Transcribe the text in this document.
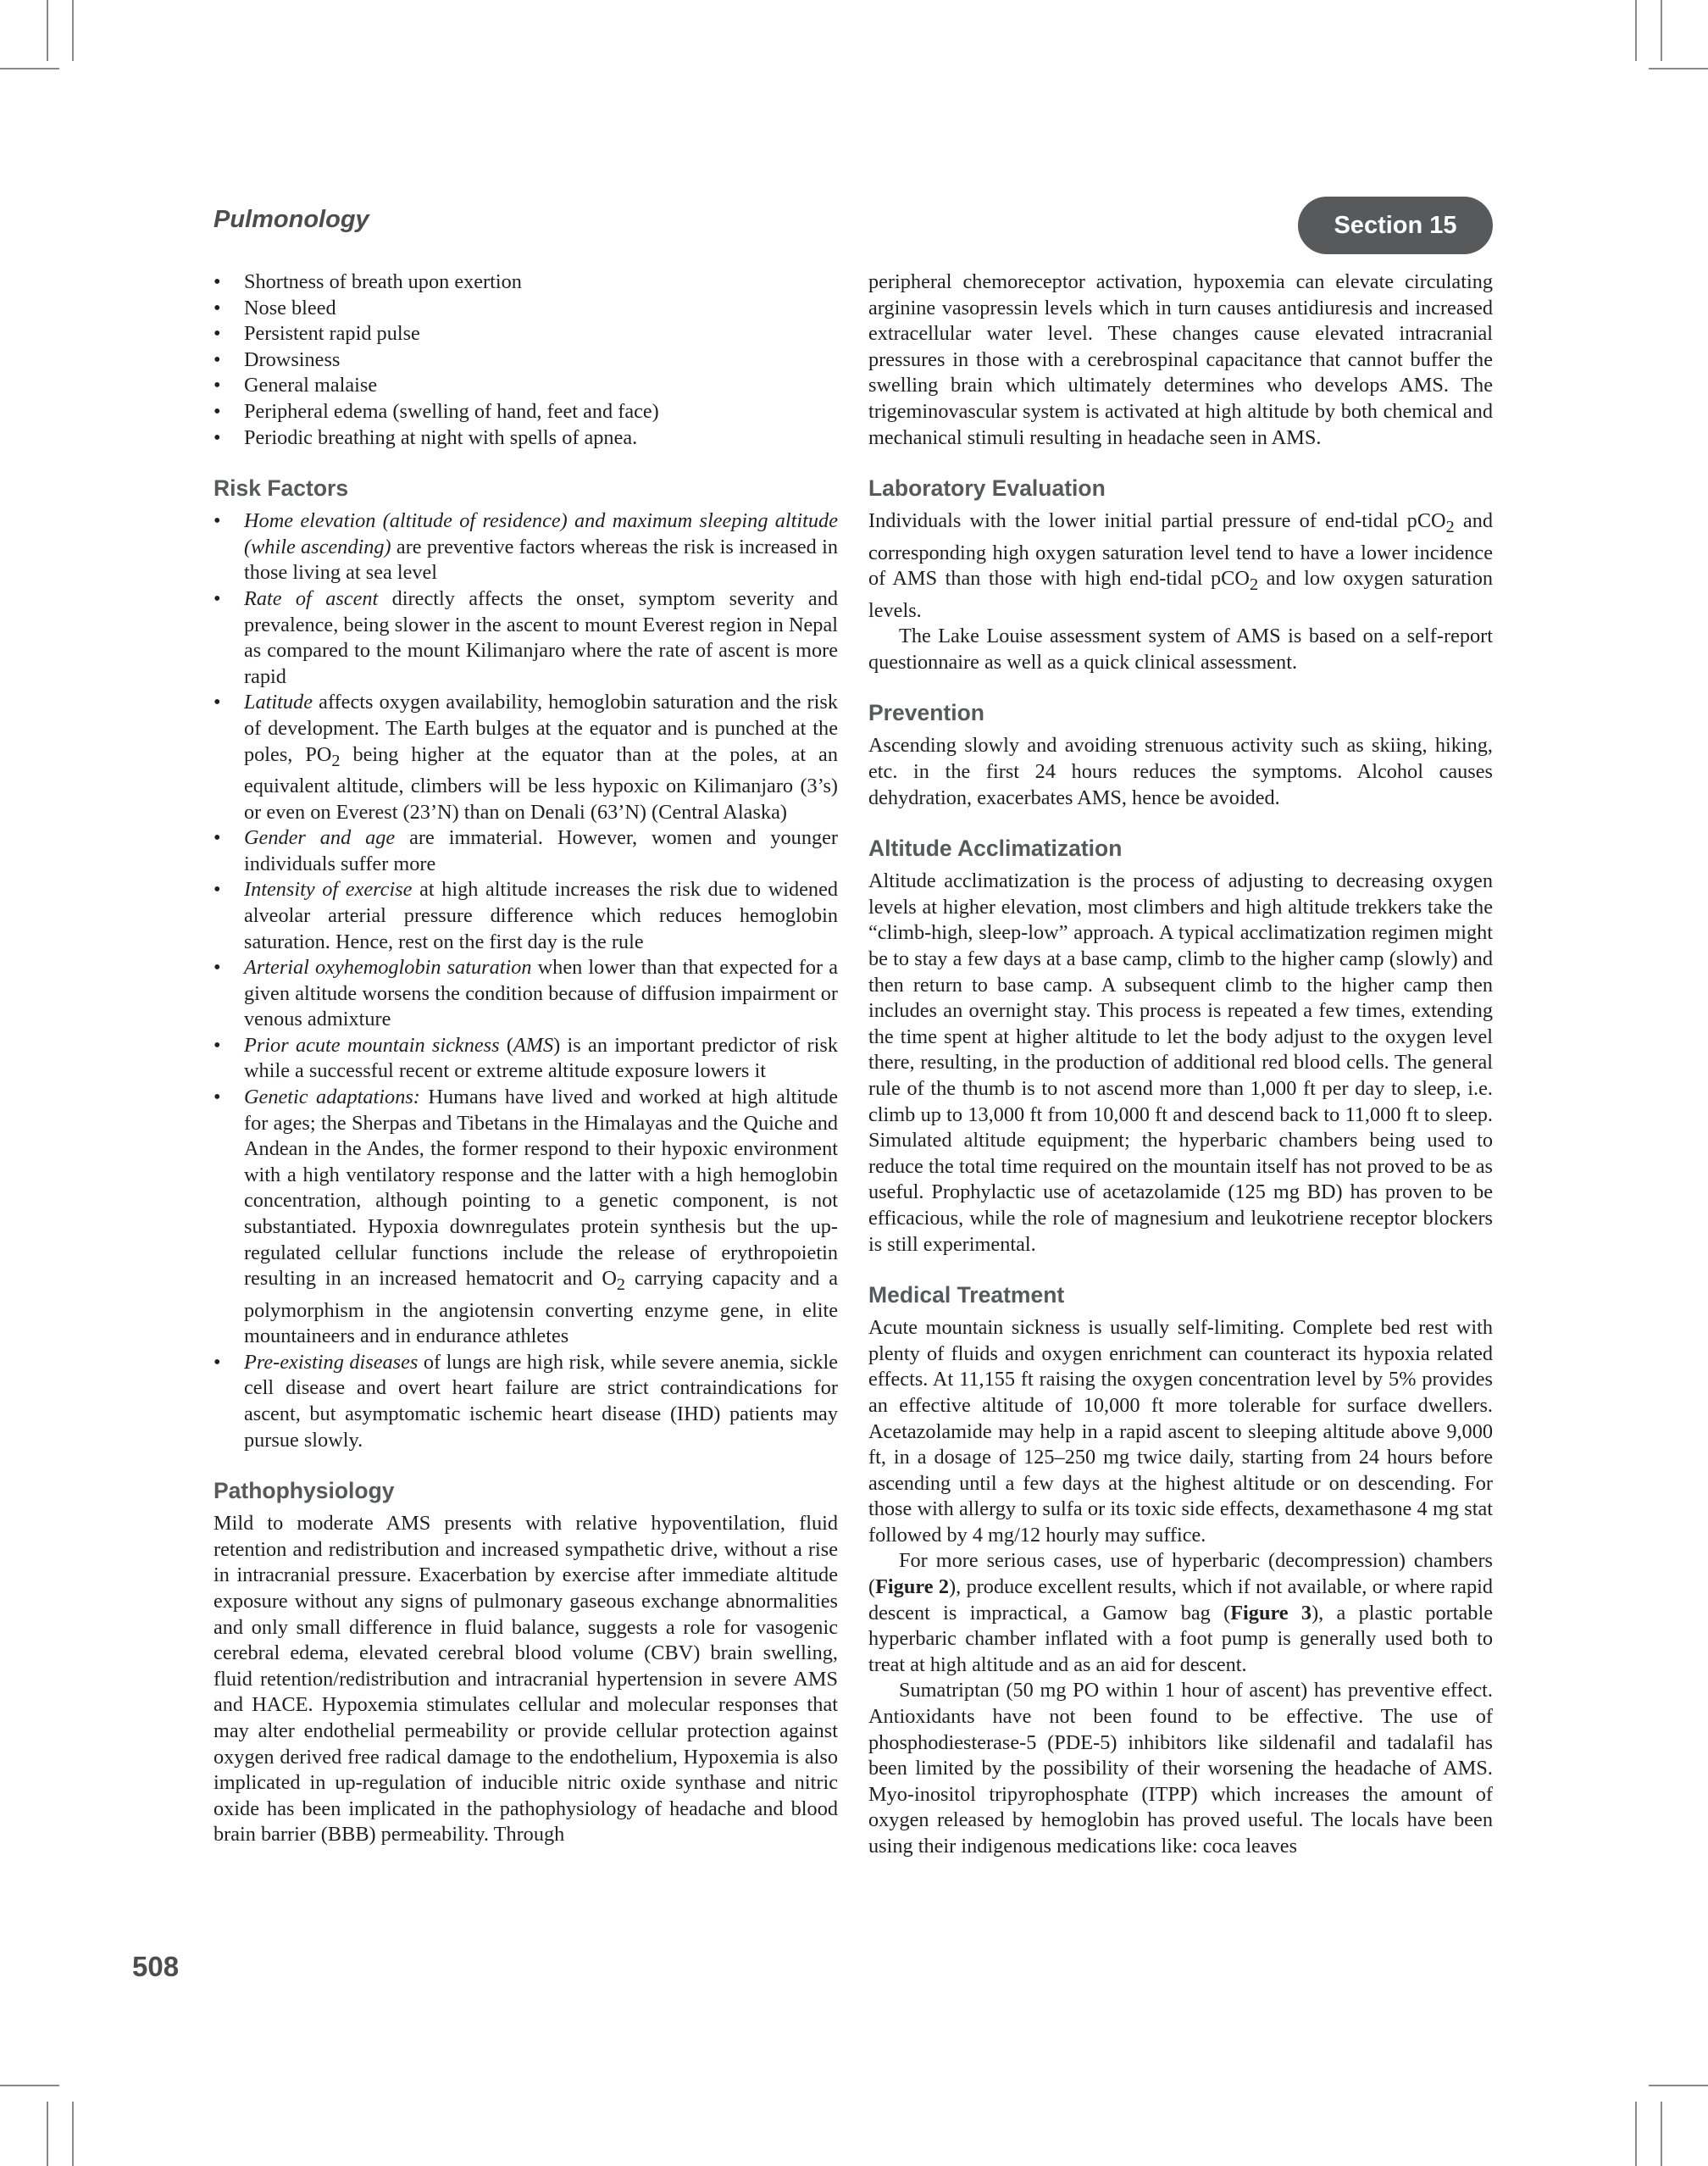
Pulmonology	Section 15
• Shortness of breath upon exertion
• Nose bleed
• Persistent rapid pulse
• Drowsiness
• General malaise
• Peripheral edema (swelling of hand, feet and face)
• Periodic breathing at night with spells of apnea.
Risk Factors
• Home elevation (altitude of residence) and maximum sleeping altitude (while ascending) are preventive factors whereas the risk is increased in those living at sea level
• Rate of ascent directly affects the onset, symptom severity and prevalence, being slower in the ascent to mount Everest region in Nepal as compared to the mount Kilimanjaro where the rate of ascent is more rapid
• Latitude affects oxygen availability, hemoglobin saturation and the risk of development. The Earth bulges at the equator and is punched at the poles, $PO_2$ being higher at the equator than at the poles, at an equivalent altitude, climbers will be less hypoxic on Kilimanjaro (3’s) or even on Everest (23’N) than on Denali (63’N) (Central Alaska)
• Gender and age are immaterial. However, women and younger individuals suffer more
• Intensity of exercise at high altitude increases the risk due to widened alveolar arterial pressure difference which reduces hemoglobin saturation. Hence, rest on the first day is the rule
• Arterial oxyhemoglobin saturation when lower than that expected for a given altitude worsens the condition because of diffusion impairment or venous admixture
• Prior acute mountain sickness (AMS) is an important predictor of risk while a successful recent or extreme altitude exposure lowers it
• Genetic adaptations: Humans have lived and worked at high altitude for ages; the Sherpas and Tibetans in the Himalayas and the Quiche and Andean in the Andes, the former respond to their hypoxic environment with a high ventilatory response and the latter with a high hemoglobin concentration, although pointing to a genetic component, is not substantiated. Hypoxia downregulates protein synthesis but the up-regulated cellular functions include the release of erythropoietin resulting in an increased hematocrit and $O_2$ carrying capacity and a polymorphism in the angiotensin converting enzyme gene, in elite mountaineers and in endurance athletes
• Pre-existing diseases of lungs are high risk, while severe anemia, sickle cell disease and overt heart failure are strict contraindications for ascent, but asymptomatic ischemic heart disease (IHD) patients may pursue slowly.
Pathophysiology

Mild to moderate AMS presents with relative hypoventilation, fluid retention and redistribution and increased sympathetic drive, without a rise in intracranial pressure. Exacerbation by exercise after immediate altitude exposure without any signs of pulmonary gaseous exchange abnormalities and only small difference in fluid balance, suggests a role for vasogenic cerebral edema, elevated cerebral blood volume (CBV) brain swelling, fluid retention/redistribution and intracranial hypertension in severe AMS and HACE. Hypoxemia stimulates cellular and molecular responses that may alter endothelial permeability or provide cellular protection against oxygen derived free radical damage to the endothelium, Hypoxemia is also implicated in up-regulation of inducible nitric oxide synthase and nitric oxide has been implicated in the pathophysiology of headache and blood brain barrier (BBB) permeability. Through

peripheral chemoreceptor activation, hypoxemia can elevate circulating arginine vasopressin levels which in turn causes antidiuresis and increased extracellular water level. These changes cause elevated intracranial pressures in those with a cerebrospinal capacitance that cannot buffer the swelling brain which ultimately determines who develops AMS. The trigeminovascular system is activated at high altitude by both chemical and mechanical stimuli resulting in headache seen in AMS.

Laboratory Evaluation

Individuals with the lower initial partial pressure of end-tidal pCO$_2$ and corresponding high oxygen saturation level tend to have a lower incidence of AMS than those with high end-tidal pCO$_2$ and low oxygen saturation levels.

The Lake Louise assessment system of AMS is based on a self-report questionnaire as well as a quick clinical assessment.

Prevention

Ascending slowly and avoiding strenuous activity such as skiing, hiking, etc. in the first 24 hours reduces the symptoms. Alcohol causes dehydration, exacerbates AMS, hence be avoided.

Altitude Acclimatization

Altitude acclimatization is the process of adjusting to decreasing oxygen levels at higher elevation, most climbers and high altitude trekkers take the “climb-high, sleep-low” approach. A typical acclimatization regimen might be to stay a few days at a base camp, climb to the higher camp (slowly) and then return to base camp. A subsequent climb to the higher camp then includes an overnight stay. This process is repeated a few times, extending the time spent at higher altitude to let the body adjust to the oxygen level there, resulting, in the production of additional red blood cells. The general rule of the thumb is to not ascend more than 1,000 ft per day to sleep, i.e. climb up to 13,000 ft from 10,000 ft and descend back to 11,000 ft to sleep. Simulated altitude equipment; the hyperbaric chambers being used to reduce the total time required on the mountain itself has not proved to be as useful. Prophylactic use of acetazolamide (125 mg BD) has proven to be efficacious, while the role of magnesium and leukotriene receptor blockers is still experimental.

Medical Treatment

Acute mountain sickness is usually self-limiting. Complete bed rest with plenty of fluids and oxygen enrichment can counteract its hypoxia related effects. At 11,155 ft raising the oxygen concentration level by 5% provides an effective altitude of 10,000 ft more tolerable for surface dwellers. Acetazolamide may help in a rapid ascent to sleeping altitude above 9,000 ft, in a dosage of 125–250 mg twice daily, starting from 24 hours before ascending until a few days at the highest altitude or on descending. For those with allergy to sulfa or its toxic side effects, dexamethasone 4 mg stat followed by 4 mg/12 hourly may suffice.

For more serious cases, use of hyperbaric (decompression) chambers (Figure 2), produce excellent results, which if not available, or where rapid descent is impractical, a Gamow bag (Figure 3), a plastic portable hyperbaric chamber inflated with a foot pump is generally used both to treat at high altitude and as an aid for descent.

Sumatriptan (50 mg PO within 1 hour of ascent) has preventive effect. Antioxidants have not been found to be effective. The use of phosphodiesterase-5 (PDE-5) inhibitors like sildenafil and tadalafil has been limited by the possibility of their worsening the headache of AMS. Myo-inositol tripyrophosphate (ITPP) which increases the amount of oxygen released by hemoglobin has proved useful. The locals have been using their indigenous medications like: coca leaves

508
